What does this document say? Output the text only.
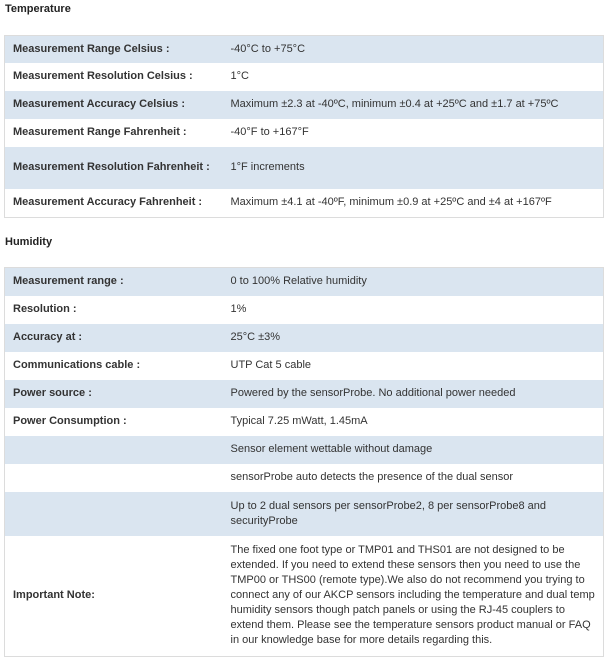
Temperature
Measurement Range Celsius :	-40°C to +75°C
Measurement Resolution Celsius :	1°C
Measurement Accuracy Celsius :	Maximum ±2.3 at -40ºC, minimum ±0.4 at +25ºC and ±1.7 at +75ºC
Measurement Range Fahrenheit :	-40°F to +167°F
Measurement Resolution Fahrenheit :	1°F increments
Measurement Accuracy Fahrenheit :	Maximum ±4.1 at -40ºF, minimum ±0.9 at +25ºC and ±4 at +167ºF
Humidity
Measurement range :	0 to 100% Relative humidity
Resolution :	1%
Accuracy at :	25°C ±3%
Communications cable :	UTP Cat 5 cable
Power source :	Powered by the sensorProbe. No additional power needed
Power Consumption :	Typical 7.25 mWatt, 1.45mA
	Sensor element wettable without damage
	sensorProbe auto detects the presence of the dual sensor
	Up to 2 dual sensors per sensorProbe2, 8 per sensorProbe8 and securityProbe
Important Note:	The fixed one foot type or TMP01 and THS01 are not designed to be extended. If you need to extend these sensors then you need to use the TMP00 or THS00 (remote type).We also do not recommend you trying to connect any of our AKCP sensors including the temperature and dual temp humidity sensors though patch panels or using the RJ-45 couplers to extend them. Please see the temperature sensors product manual or FAQ in our knowledge base for more details regarding this.
